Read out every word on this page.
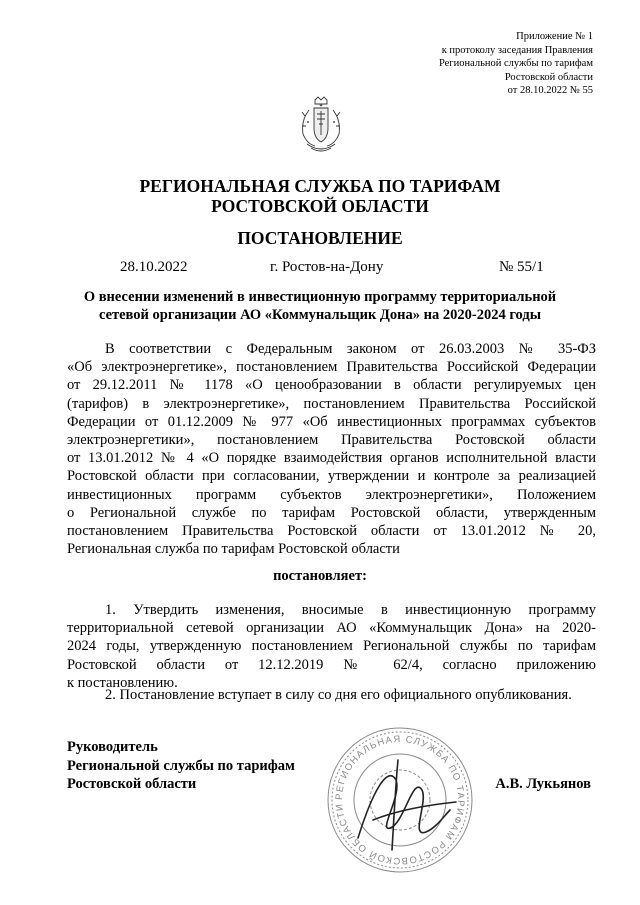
Приложение № 1
к протоколу заседания Правления
Региональной службы по тарифам
Ростовской области
от 28.10.2022 № 55
РЕГИОНАЛЬНАЯ СЛУЖБА ПО ТАРИФАМ
РОСТОВСКОЙ ОБЛАСТИ
ПОСТАНОВЛЕНИЕ
28.10.2022	г. Ростов-на-Дону	№ 55/1
О внесении изменений в инвестиционную программу территориальной
сетевой организации АО «Коммунальщик Дона» на 2020-2024 годы
В соответствии с Федеральным законом от 26.03.2003 № 35-ФЗ
«Об электроэнергетике», постановлением Правительства Российской Федерации
от 29.12.2011 № 1178 «О ценообразовании в области регулируемых цен
(тарифов) в электроэнергетике», постановлением Правительства Российской
Федерации от 01.12.2009 № 977 «Об инвестиционных программах субъектов
электроэнергетики», постановлением Правительства Ростовской области
от 13.01.2012 № 4 «О порядке взаимодействия органов исполнительной власти
Ростовской области при согласовании, утверждении и контроле за реализацией
инвестиционных программ субъектов электроэнергетики», Положением
о Региональной службе по тарифам Ростовской области, утвержденным
постановлением Правительства Ростовской области от 13.01.2012 № 20,
Региональная служба по тарифам Ростовской области
постановляет:
1. Утвердить изменения, вносимые в инвестиционную программу
территориальной сетевой организации АО «Коммунальщик Дона» на 2020-
2024 годы, утвержденную постановлением Региональной службы по тарифам
Ростовской области от 12.12.2019 № 62/4, согласно приложению
к постановлению.
2. Постановление вступает в силу со дня его официального опубликования.
РЕГИОНАЛЬНАЯ СЛУЖБА ПО ТАРИФАМ РОСТОВСКОЙ ОБЛАСТИ
Руководитель
Региональной службы по тарифам
Ростовской области	А.В. Лукьянов
